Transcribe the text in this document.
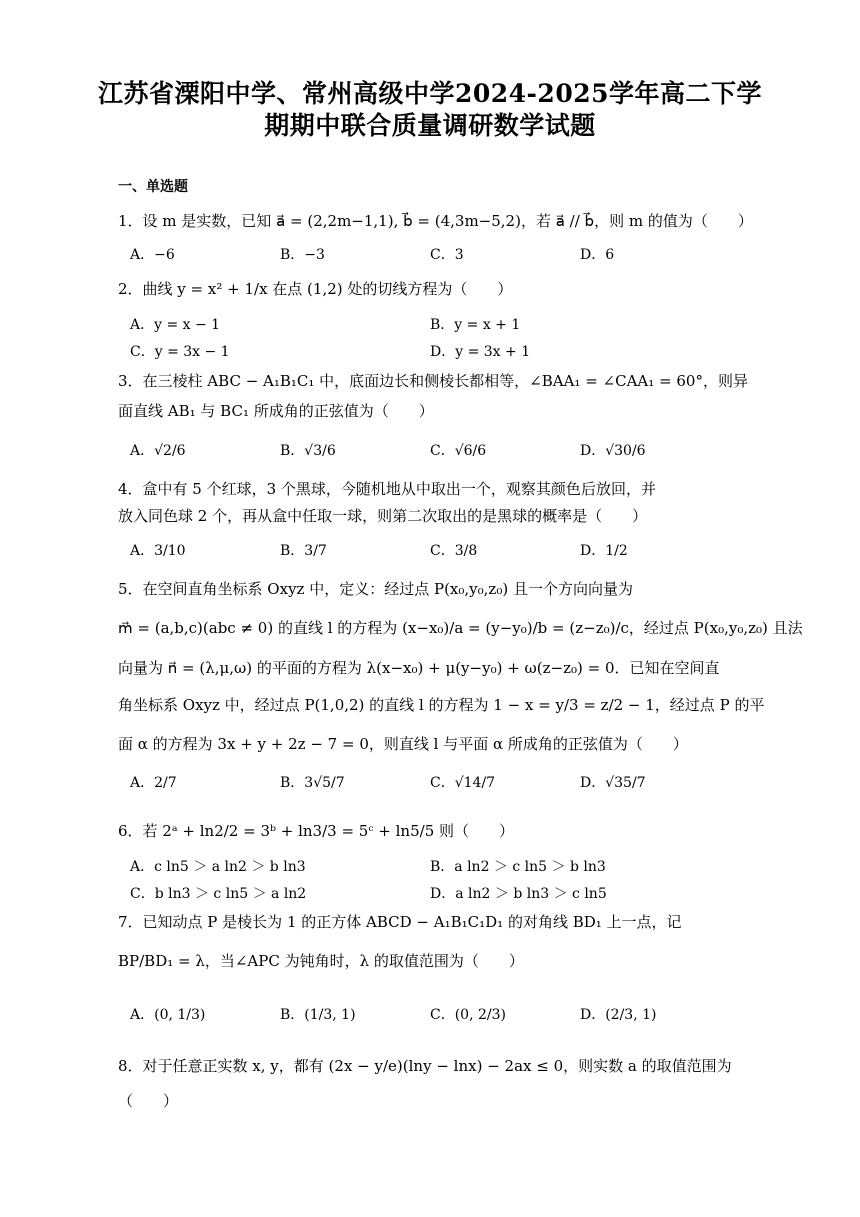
江苏省溧阳中学、常州高级中学2024-2025学年高二下学
期期中联合质量调研数学试题
一、单选题
1．设 m 是实数，已知 a⃗ = (2,2m−1,1), b⃗ = (4,3m−5,2)，若 a⃗ // b⃗，则 m 的值为（　　）
A．−6	B．−3	C．3	D．6
2．曲线 y = x² + 1/x 在点 (1,2) 处的切线方程为（　　）
A．y = x − 1	B．y = x + 1
C．y = 3x − 1	D．y = 3x + 1
3．在三棱柱 ABC − A₁B₁C₁ 中，底面边长和侧棱长都相等，∠BAA₁ = ∠CAA₁ = 60°，则异
面直线 AB₁ 与 BC₁ 所成角的正弦值为（　　）
A．√2/6	B．√3/6	C．√6/6	D．√30/6
4．盒中有 5 个红球，3 个黑球，今随机地从中取出一个，观察其颜色后放回，并
放入同色球 2 个，再从盒中任取一球，则第二次取出的是黑球的概率是（　　）
A．3/10	B．3/7	C．3/8	D．1/2
5．在空间直角坐标系 Oxyz 中，定义：经过点 P(x₀,y₀,z₀) 且一个方向向量为
m⃗ = (a,b,c)(abc ≠ 0) 的直线 l 的方程为 (x−x₀)/a = (y−y₀)/b = (z−z₀)/c，经过点 P(x₀,y₀,z₀) 且法
向量为 n⃗ = (λ,μ,ω) 的平面的方程为 λ(x−x₀) + μ(y−y₀) + ω(z−z₀) = 0．已知在空间直
角坐标系 Oxyz 中，经过点 P(1,0,2) 的直线 l 的方程为 1 − x = y/3 = z/2 − 1，经过点 P 的平
面 α 的方程为 3x + y + 2z − 7 = 0，则直线 l 与平面 α 所成角的正弦值为（　　）
A．2/7	B．3√5/7	C．√14/7	D．√35/7
6．若 2ᵃ + ln2/2 = 3ᵇ + ln3/3 = 5ᶜ + ln5/5 则（　　）
A．c ln5 ＞ a ln2 ＞ b ln3	B．a ln2 ＞ c ln5 ＞ b ln3
C．b ln3 ＞ c ln5 ＞ a ln2	D．a ln2 ＞ b ln3 ＞ c ln5
7．已知动点 P 是棱长为 1 的正方体 ABCD − A₁B₁C₁D₁ 的对角线 BD₁ 上一点，记
BP/BD₁ = λ，当∠APC 为钝角时，λ 的取值范围为（　　）
A．(0, 1/3)	B．(1/3, 1)	C．(0, 2/3)	D．(2/3, 1)
8．对于任意正实数 x, y，都有 (2x − y/e)(lny − lnx) − 2ax ≤ 0，则实数 a 的取值范围为
（　　）
